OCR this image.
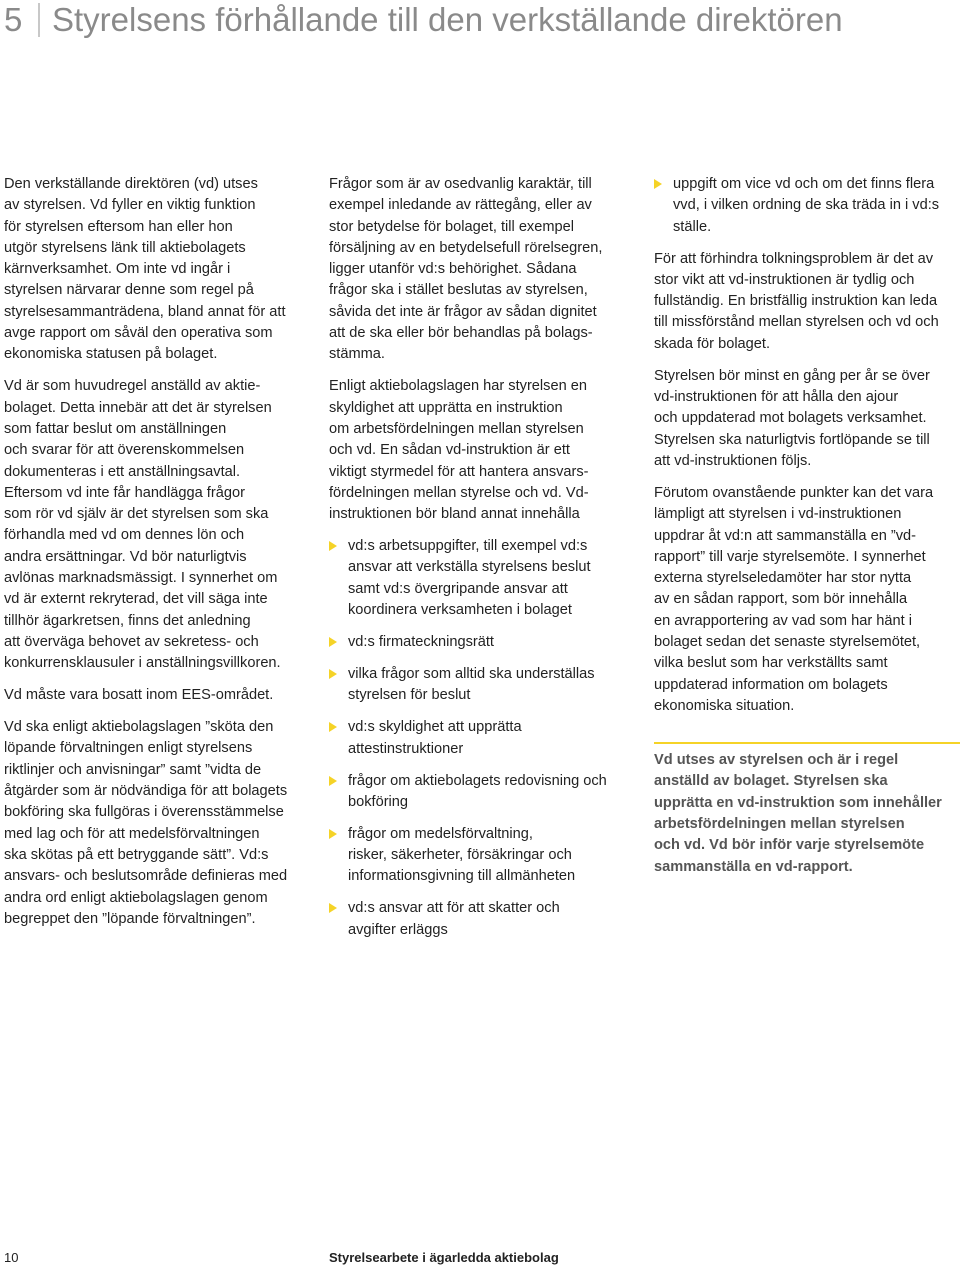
5 Styrelsens förhållande till den verkställande direktören
Den verkställande direktören (vd) utses
av styrelsen. Vd fyller en viktig funktion
för styrelsen eftersom han eller hon
utgör styrelsens länk till aktiebolagets
kärnverksamhet. Om inte vd ingår i
styrelsen närvarar denne som regel på
styrelsesammanträdena, bland annat för att
avge rapport om såväl den operativa som
ekonomiska statusen på bolaget.
Vd är som huvudregel anställd av aktie-
bolaget. Detta innebär att det är styrelsen
som fattar beslut om anställningen
och svarar för att överenskommelsen
dokumenteras i ett anställningsavtal.
Eftersom vd inte får handlägga frågor
som rör vd själv är det styrelsen som ska
förhandla med vd om dennes lön och
andra ersättningar. Vd bör naturligtvis
avlönas marknadsmässigt. I synnerhet om
vd är externt rekryterad, det vill säga inte
tillhör ägarkretsen, finns det anledning
att överväga behovet av sekretess- och
konkurrensklausuler i anställningsvillkoren.
Vd måste vara bosatt inom EES-området.
Vd ska enligt aktiebolagslagen ”sköta den
löpande förvaltningen enligt styrelsens
riktlinjer och anvisningar” samt ”vidta de
åtgärder som är nödvändiga för att bolagets
bokföring ska fullgöras i överensstämmelse
med lag och för att medelsförvaltningen
ska skötas på ett betryggande sätt”. Vd:s
ansvars- och beslutsområde definieras med
andra ord enligt aktiebolagslagen genom
begreppet den ”löpande förvaltningen”.
Frågor som är av osedvanlig karaktär, till
exempel inledande av rättegång, eller av
stor betydelse för bolaget, till exempel
försäljning av en betydelsefull rörelsegren,
ligger utanför vd:s behörighet. Sådana
frågor ska i stället beslutas av styrelsen,
såvida det inte är frågor av sådan dignitet
att de ska eller bör behandlas på bolags-
stämma.
Enligt aktiebolagslagen har styrelsen en
skyldighet att upprätta en instruktion
om arbetsfördelningen mellan styrelsen
och vd. En sådan vd-instruktion är ett
viktigt styrmedel för att hantera ansvars-
fördelningen mellan styrelse och vd. Vd-
instruktionen bör bland annat innehålla
vd:s arbetsuppgifter, till exempel vd:s
ansvar att verkställa styrelsens beslut
samt vd:s övergripande ansvar att
koordinera verksamheten i bolaget
vd:s firmateckningsrätt
vilka frågor som alltid ska underställas
styrelsen för beslut
vd:s skyldighet att upprätta
attestinstruktioner
frågor om aktiebolagets redovisning och
bokföring
frågor om medelsförvaltning,
risker, säkerheter, försäkringar och
informationsgivning till allmänheten
vd:s ansvar att för att skatter och
avgifter erläggs
uppgift om vice vd och om det finns flera
vvd, i vilken ordning de ska träda in i vd:s
ställe.
För att förhindra tolkningsproblem är det av
stor vikt att vd-instruktionen är tydlig och
fullständig. En bristfällig instruktion kan leda
till missförstånd mellan styrelsen och vd och
skada för bolaget.
Styrelsen bör minst en gång per år se över
vd-instruktionen för att hålla den ajour
och uppdaterad mot bolagets verksamhet.
Styrelsen ska naturligtvis fortlöpande se till
att vd-instruktionen följs.
Förutom ovanstående punkter kan det vara
lämpligt att styrelsen i vd-instruktionen
uppdrar åt vd:n att sammanställa en ”vd-
rapport” till varje styrelsemöte. I synnerhet
externa styrelseledamöter har stor nytta
av en sådan rapport, som bör innehålla
en avrapportering av vad som har hänt i
bolaget sedan det senaste styrelsemötet,
vilka beslut som har verkställts samt
uppdaterad information om bolagets
ekonomiska situation.
Vd utses av styrelsen och är i regel
anställd av bolaget. Styrelsen ska
upprätta en vd-instruktion som innehåller
arbetsfördelningen mellan styrelsen
och vd. Vd bör inför varje styrelsemöte
sammanställa en vd-rapport.
10	Styrelsearbete i ägarledda aktiebolag
